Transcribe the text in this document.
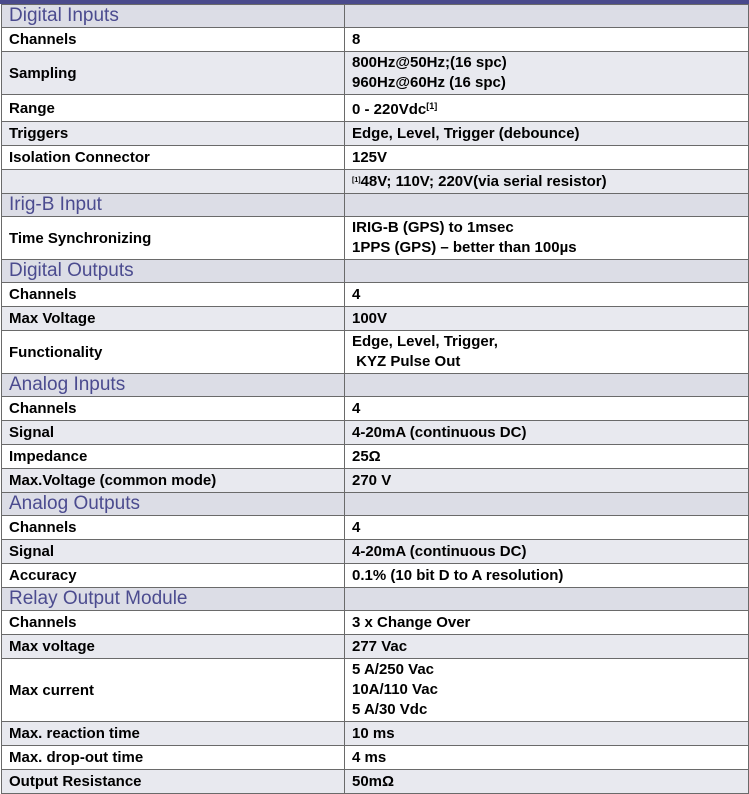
Digital Inputs	
Channels	8

Sampling	800Hz@50Hz;(16 spc)
960Hz@60Hz (16 spc)

Range	0 - 220Vdc[1]

Triggers	Edge, Level, Trigger (debounce)

Isolation Connector	125V

	[1]48V; 110V; 220V(via serial resistor)
Irig-B Input	
Time Synchronizing	IRIG-B (GPS) to 1msec
1PPS (GPS) – better than 100µs

Digital Outputs	
Channels	4

Max Voltage	100V

Functionality	Edge, Level, Trigger,
KYZ Pulse Out

Analog Inputs	
Channels	4

Signal	4-20mA (continuous DC)

Impedance	25Ω

Max.Voltage (common mode)	270 V

Analog Outputs	
Channels	4

Signal	4-20mA (continuous DC)

Accuracy	0.1% (10 bit D to A resolution)

Relay Output Module	
Channels	3 x Change Over

Max voltage	277 Vac

Max current	5 A/250 Vac
10A/110 Vac
5 A/30 Vdc

Max. reaction time	10 ms

Max. drop-out time	4 ms

Output Resistance	50mΩ
